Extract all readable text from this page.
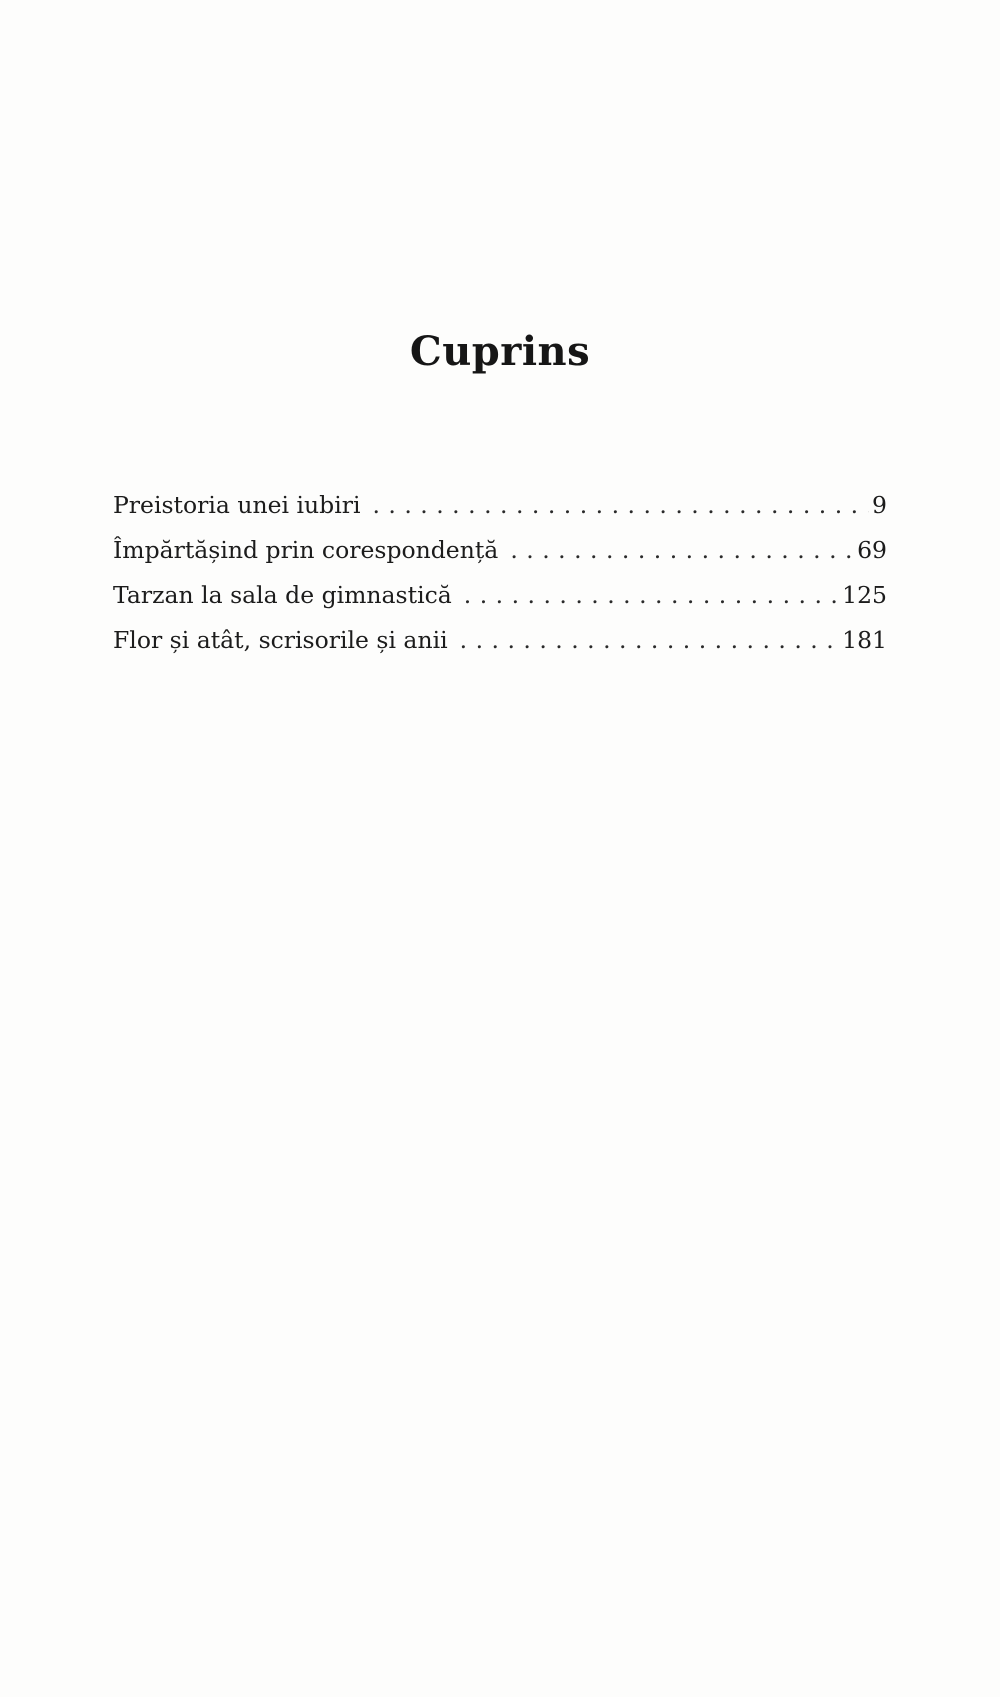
Cuprins
Preistoria unei iubiri . . .	9
Împărtășind prin corespondență . . .	69
Tarzan la sala de gimnastică . . .	125
Flor și atât, scrisorile și anii . . .	181
